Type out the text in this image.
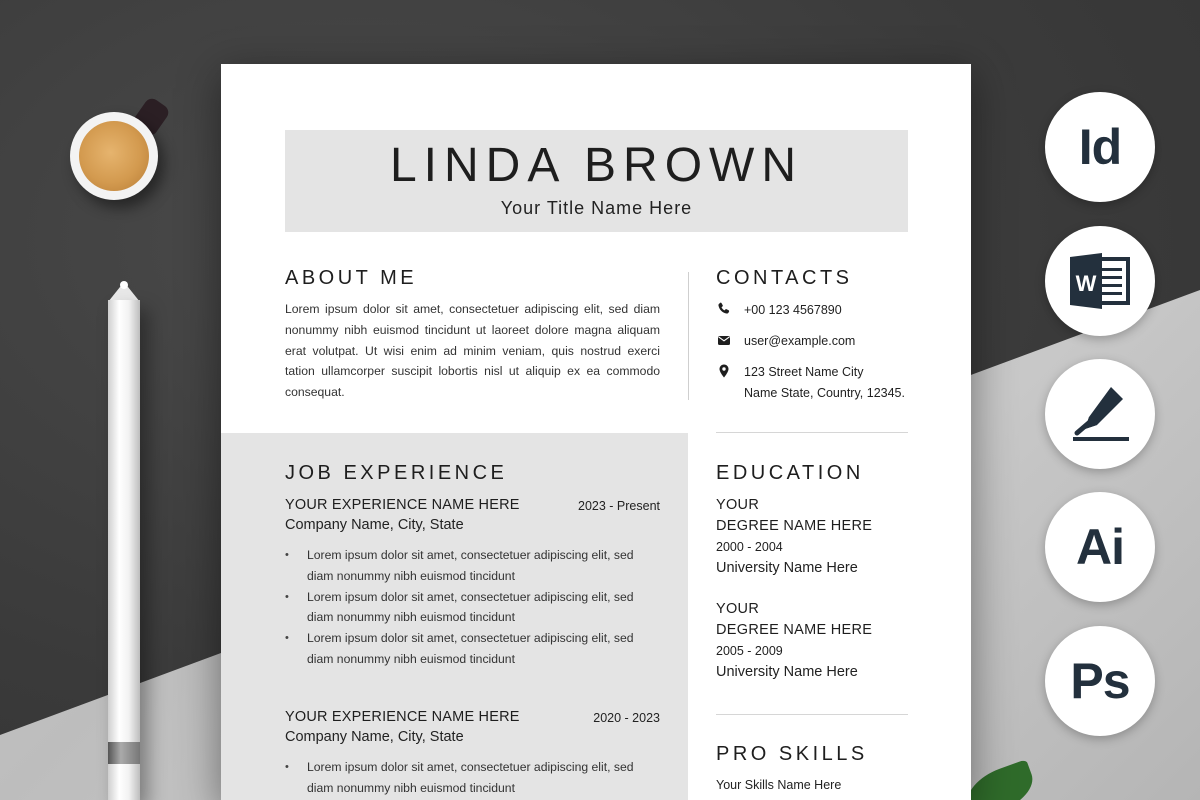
LINDA BROWN
Your Title Name Here
ABOUT ME
Lorem ipsum dolor sit amet, consectetuer adipiscing elit, sed diam nonummy nibh euismod tincidunt ut laoreet dolore magna aliquam erat volutpat. Ut wisi enim ad minim veniam, quis nostrud exerci tation ullamcorper suscipit lobortis nisl ut aliquip ex ea commodo consequat.
CONTACTS
+00 123 4567890
user@example.com
123 Street Name City
Name State, Country, 12345.
JOB EXPERIENCE
YOUR EXPERIENCE NAME HERE	2023 - Present
Company Name, City, State
• Lorem ipsum dolor sit amet, consectetuer adipiscing elit, sed diam nonummy nibh euismod tincidunt
• Lorem ipsum dolor sit amet, consectetuer adipiscing elit, sed diam nonummy nibh euismod tincidunt
• Lorem ipsum dolor sit amet, consectetuer adipiscing elit, sed diam nonummy nibh euismod tincidunt
YOUR EXPERIENCE NAME HERE	2020 - 2023
Company Name, City, State
• Lorem ipsum dolor sit amet, consectetuer adipiscing elit, sed diam nonummy nibh euismod tincidunt
EDUCATION
YOUR
DEGREE NAME HERE
2000 - 2004
University Name Here
YOUR
DEGREE NAME HERE
2005 - 2009
University Name Here
PRO SKILLS
Your Skills Name Here
Id
W
Ai
Ps
